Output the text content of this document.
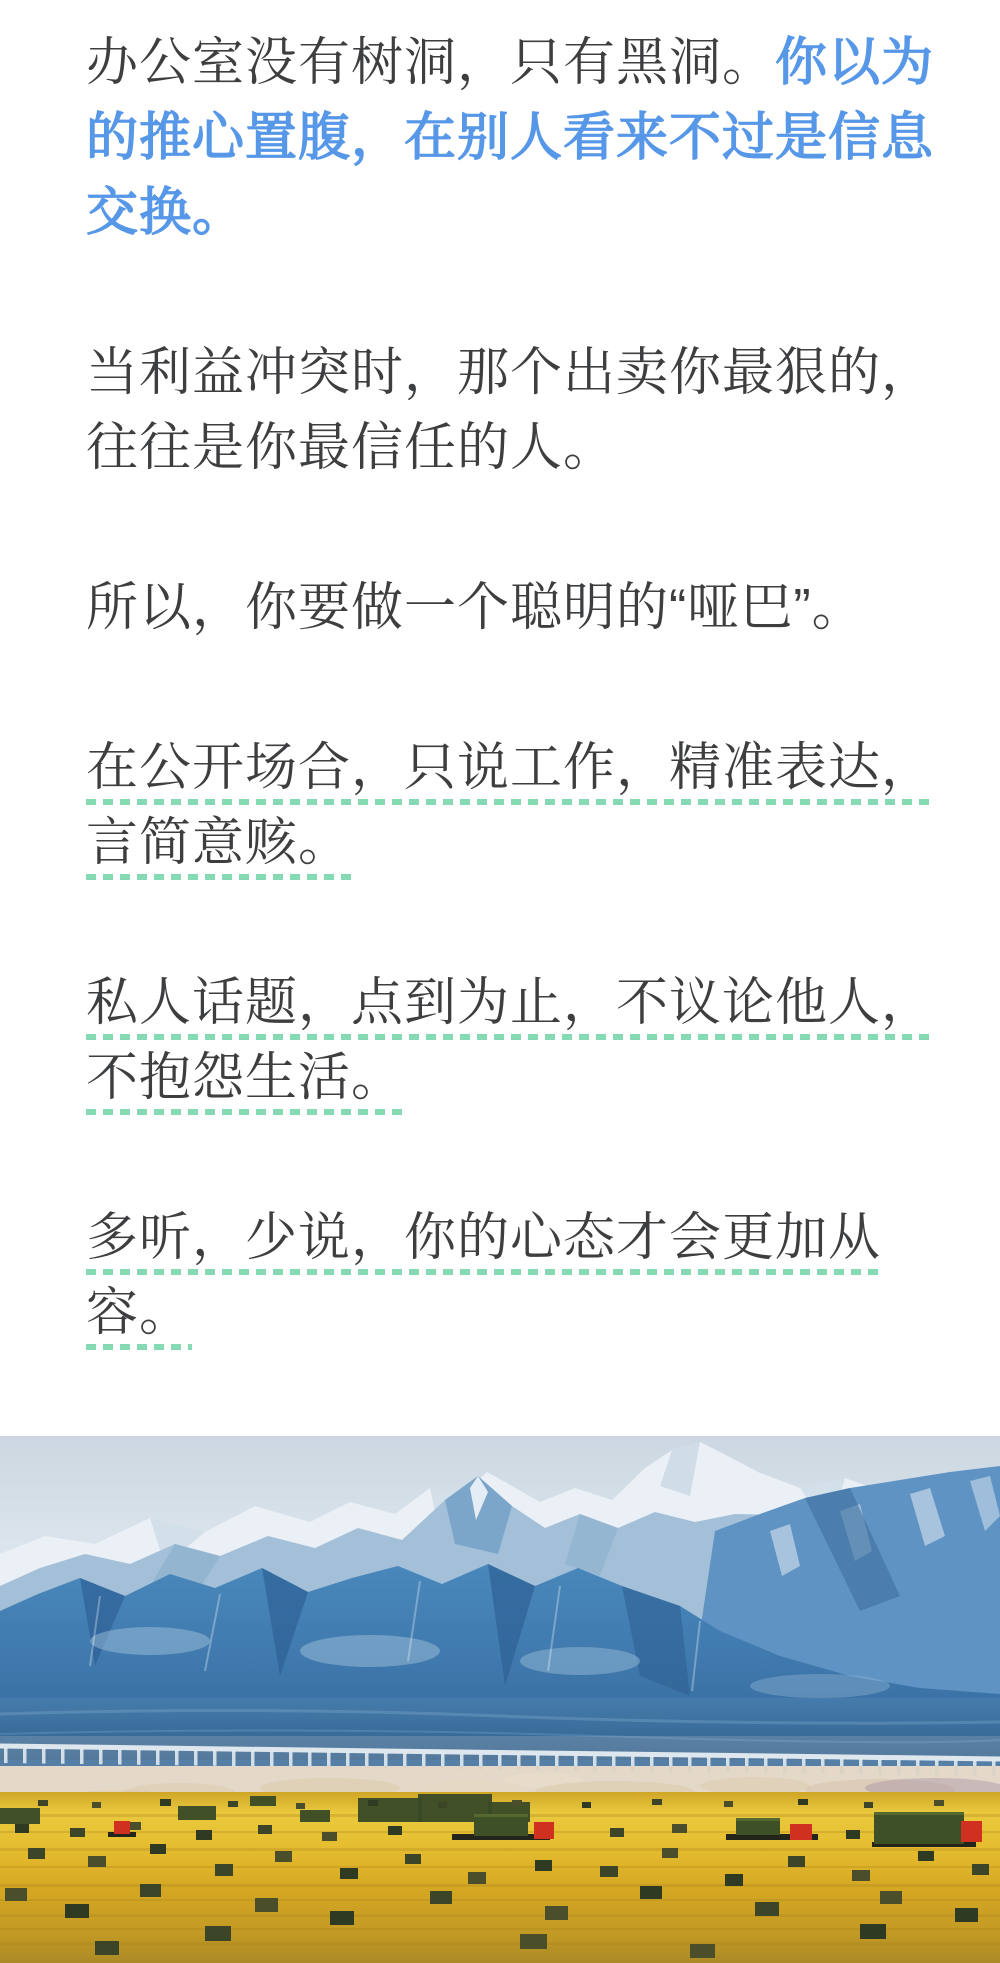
办公室没有树洞，只有黑洞。你以为
的推心置腹，在别人看来不过是信息
交换。
当利益冲突时，那个出卖你最狠的，
往往是你最信任的人。
所以，你要做一个聪明的“哑巴”。
在公开场合，只说工作，精准表达，
言简意赅。
私人话题，点到为止，不议论他人，
不抱怨生活。
多听，少说，你的心态才会更加从
容。
